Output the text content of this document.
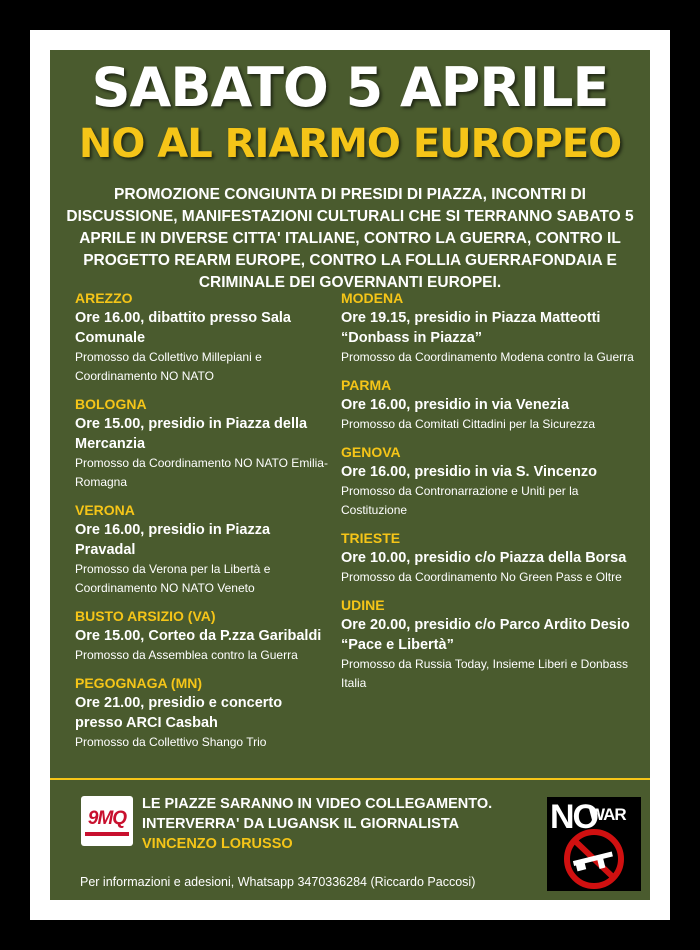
SABATO 5 APRILE
NO AL RIARMO EUROPEO
PROMOZIONE CONGIUNTA DI PRESIDI DI PIAZZA, INCONTRI DI DISCUSSIONE, MANIFESTAZIONI CULTURALI CHE SI TERRANNO SABATO 5 APRILE IN DIVERSE CITTA' ITALIANE, CONTRO LA GUERRA, CONTRO IL PROGETTO REARM EUROPE, CONTRO LA FOLLIA GUERRAFONDAIA E CRIMINALE DEI GOVERNANTI EUROPEI.
AREZZO
Ore 16.00, dibattito presso Sala Comunale
Promosso da Collettivo Millepiani e Coordinamento NO NATO
BOLOGNA
Ore 15.00, presidio in Piazza della Mercanzia
Promosso da Coordinamento NO NATO Emilia-Romagna
VERONA
Ore 16.00, presidio in Piazza Pravadal
Promosso da Verona per la Libertà e Coordinamento NO NATO Veneto
BUSTO ARSIZIO (VA)
Ore 15.00, Corteo da P.zza Garibaldi
Promosso da Assemblea contro la Guerra
PEGOGNAGA (MN)
Ore 21.00, presidio e concerto presso ARCI Casbah
Promosso da Collettivo Shango Trio
MODENA
Ore 19.15, presidio in Piazza Matteotti “Donbass in Piazza”
Promosso da Coordinamento Modena contro la Guerra
PARMA
Ore 16.00, presidio in via Venezia
Promosso da Comitati Cittadini per la Sicurezza
GENOVA
Ore 16.00, presidio in via S. Vincenzo
Promosso da Contronarrazione e Uniti per la Costituzione
TRIESTE
Ore 10.00, presidio c/o Piazza della Borsa
Promosso da Coordinamento No Green Pass e Oltre
UDINE
Ore 20.00, presidio c/o Parco Ardito Desio “Pace e Libertà”
Promosso da Russia Today, Insieme Liberi e Donbass Italia
9MQ
LE PIAZZE SARANNO IN VIDEO COLLEGAMENTO.
INTERVERRA' DA LUGANSK IL GIORNALISTA
VINCENZO LORUSSO
Per informazioni e adesioni, Whatsapp 3470336284 (Riccardo Paccosi)
NO
WAR
